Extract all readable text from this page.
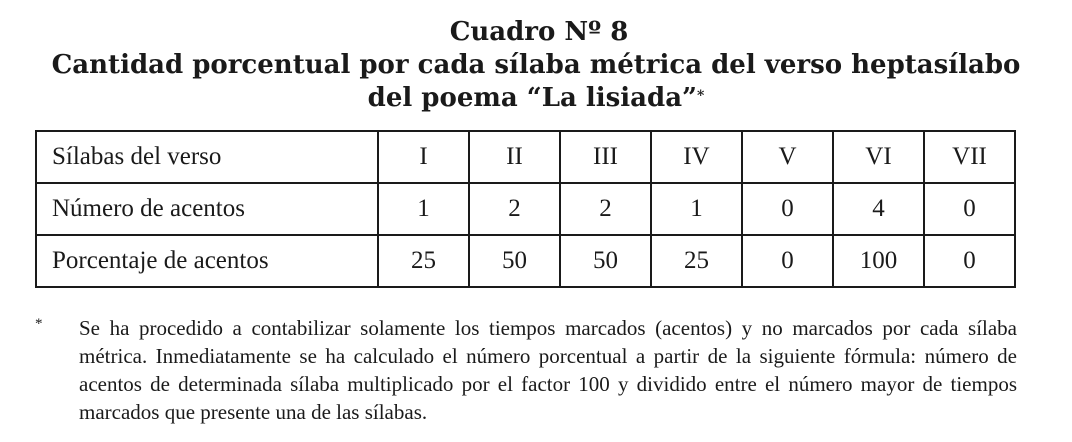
Cuadro Nº 8
Cantidad porcentual por cada sílaba métrica del verso heptasílabo
del poema “La lisiada”*
Sílabas del verso	I	II	III	IV	V	VI	VII
Número de acentos	1	2	2	1	0	4	0
Porcentaje de acentos	25	50	50	25	0	100	0
* Se ha procedido a contabilizar solamente los tiempos marcados (acentos) y no marcados por cada sílaba métrica. Inmediatamente se ha calculado el número porcentual a partir de la siguiente fórmula: número de acentos de determinada sílaba multiplicado por el factor 100 y dividido entre el número mayor de tiempos marcados que presente una de las sílabas.
